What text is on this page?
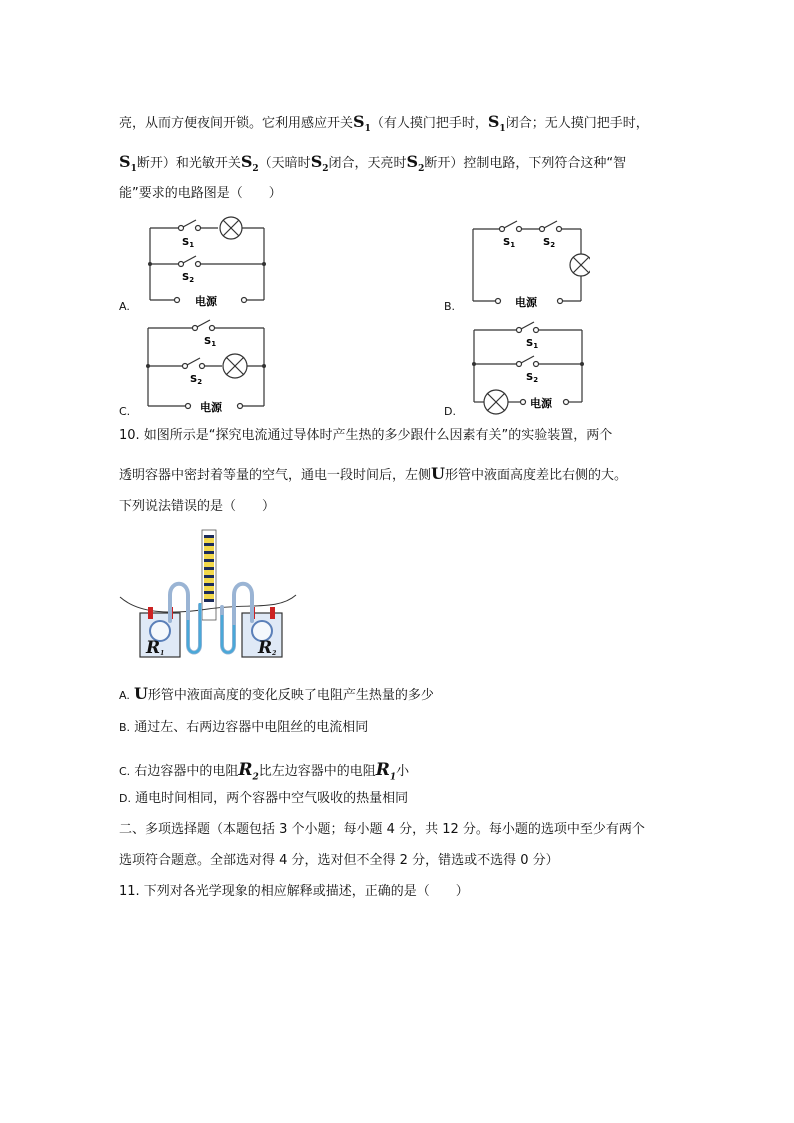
亮，从而方便夜间开锁。它利用感应开关$S_1$（有人摸门把手时，$S_1$闭合；无人摸门把手时，
$S_1$断开）和光敏开关$S_2$（天暗时$S_2$闭合，天亮时$S_2$断开）控制电路，下列符合这种“智
能”要求的电路图是（　　）
$S_1$
$S_2$
电源
A.
$S_1$	$S_2$
电源
B.
$S_1$
$S_2$
电源
C.
$S_1$
$S_2$
电源
D.
10. 如图所示是“探究电流通过导体时产生热的多少跟什么因素有关”的实验装置，两个
透明容器中密封着等量的空气，通电一段时间后，左侧U形管中液面高度差比右侧的大。
下列说法错误的是（　　）
R1	R2
A. U形管中液面高度的变化反映了电阻产生热量的多少
B. 通过左、右两边容器中电阻丝的电流相同
C. 右边容器中的电阻$R_2$比左边容器中的电阻$R_1$小
D. 通电时间相同，两个容器中空气吸收的热量相同
二、多项选择题（本题包括 3 个小题；每小题 4 分，共 12 分。每小题的选项中至少有两个
选项符合题意。全部选对得 4 分，选对但不全得 2 分，错选或不选得 0 分）
11. 下列对各光学现象的相应解释或描述，正确的是（　　）
